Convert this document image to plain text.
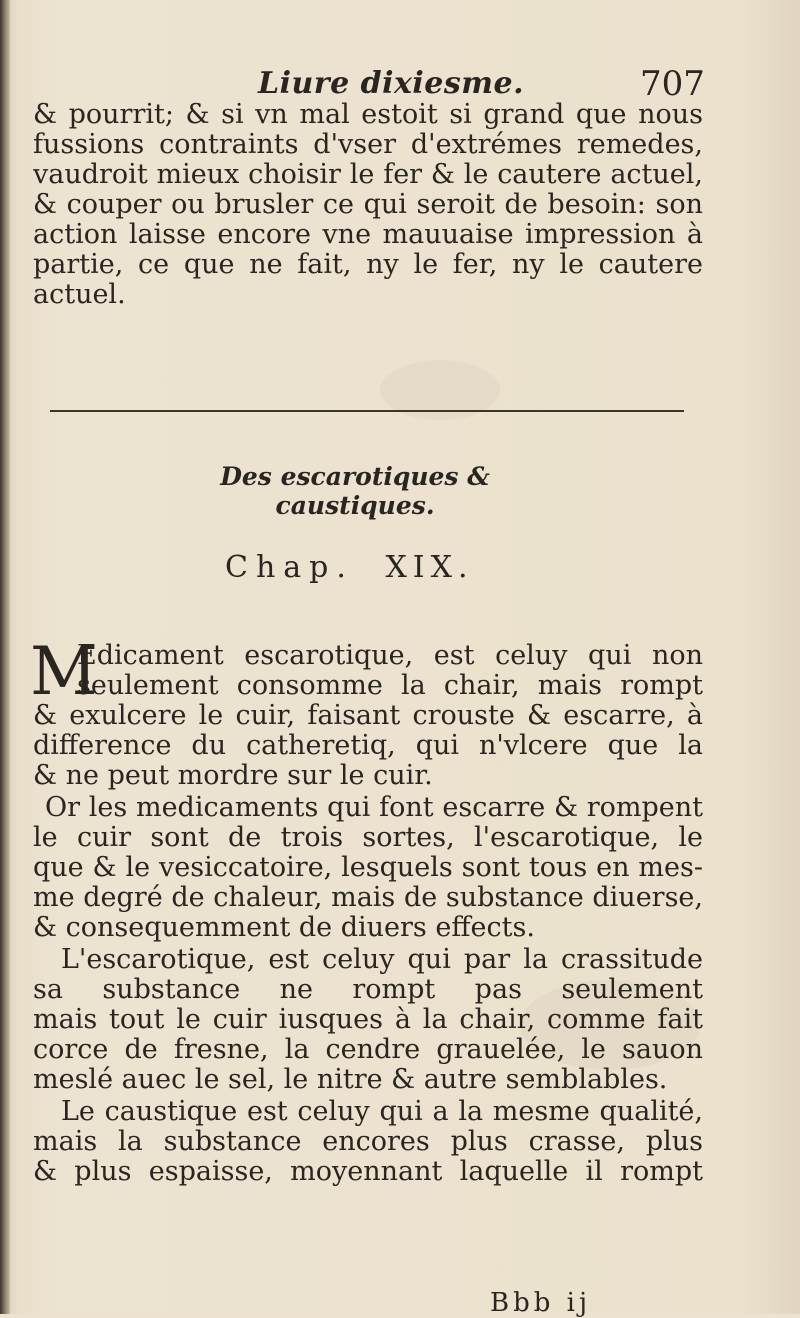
Liure dixiesme.	707
& pourrit; & si vn mal estoit si grand que nous
fussions contraints d'vser d'extrémes remedes,
vaudroit mieux choisir le fer & le cautere actuel,
& couper ou brusler ce qui seroit de besoin: son
action laisse encore vne mauuaise impression à
partie, ce que ne fait, ny le fer, ny le cautere
actuel.
Des escarotiques & caustiques.
Chap. XIX.
M
Edicament escarotique, est celuy qui non
seulement consomme la chair, mais rompt
& exulcere le cuir, faisant crouste & escarre, à
difference du catheretiq, qui n'vlcere que la
& ne peut mordre sur le cuir.
Or les medicaments qui font escarre & rompent
le cuir sont de trois sortes, l'escarotique, le
que & le vesiccatoire, lesquels sont tous en mes-
me degré de chaleur, mais de substance diuerse,
& consequemment de diuers effects.
L'escarotique, est celuy qui par la crassitude
sa substance ne rompt pas seulement
mais tout le cuir iusques à la chair, comme fait
corce de fresne, la cendre grauelée, le sauon
meslé auec le sel, le nitre & autre semblables.
Le caustique est celuy qui a la mesme qualité,
mais la substance encores plus crasse, plus
& plus espaisse, moyennant laquelle il rompt
Bbb ij
